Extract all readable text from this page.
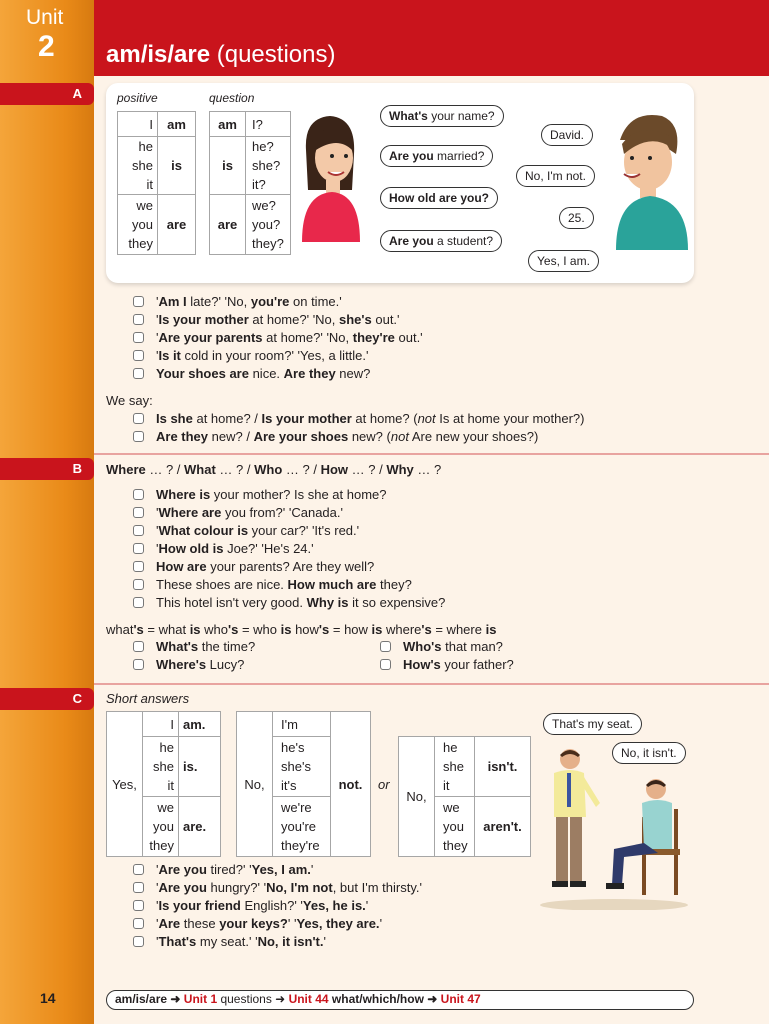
Unit
2	am/is/are (questions)
A
B
C
positive	question
I	am
he
she
it	is
we
you
they	are
am	I?
is	he?
she?
it?
are	we?
you?
they?
What's your name?
Are you married?
How old are you?
Are you a student?
David.
No, I'm not.
25.
Yes, I am.
'Am I late?' 'No, you're on time.'
'Is your mother at home?' 'No, she's out.'
'Are your parents at home?' 'No, they're out.'
'Is it cold in your room?' 'Yes, a little.'
Your shoes are nice. Are they new?
We say:
Is she at home? / Is your mother at home? (not Is at home your mother?)
Are they new? / Are your shoes new? (not Are new your shoes?)
Where … ? / What … ? / Who … ? / How … ? / Why … ?
Where is your mother? Is she at home?
'Where are you from?' 'Canada.'
'What colour is your car?' 'It's red.'
'How old is Joe?' 'He's 24.'
How are your parents? Are they well?
These shoes are nice. How much are they?
This hotel isn't very good. Why is it so expensive?
what's = what is who's = who is how's = how is where's = where is
What's the time?
Where's Lucy?
Who's that man?
How's your father?
Short answers
Yes,	I	am.
	he
she
it	is.
	we
you
they	are.
No,	I'm	not.
he's
she's
it's
we're
you're
they're
or
No,	he
she
it	isn't.
	we
you
they	aren't.
That's my seat.
No, it isn't.
'Are you tired?' 'Yes, I am.'
'Are you hungry?' 'No, I'm not, but I'm thirsty.'
'Is your friend English?' 'Yes, he is.'
'Are these your keys?' 'Yes, they are.'
'That's my seat.' 'No, it isn't.'
14	am/is/are ➜ Unit 1 questions ➜ Unit 44 what/which/how ➜ Unit 47
